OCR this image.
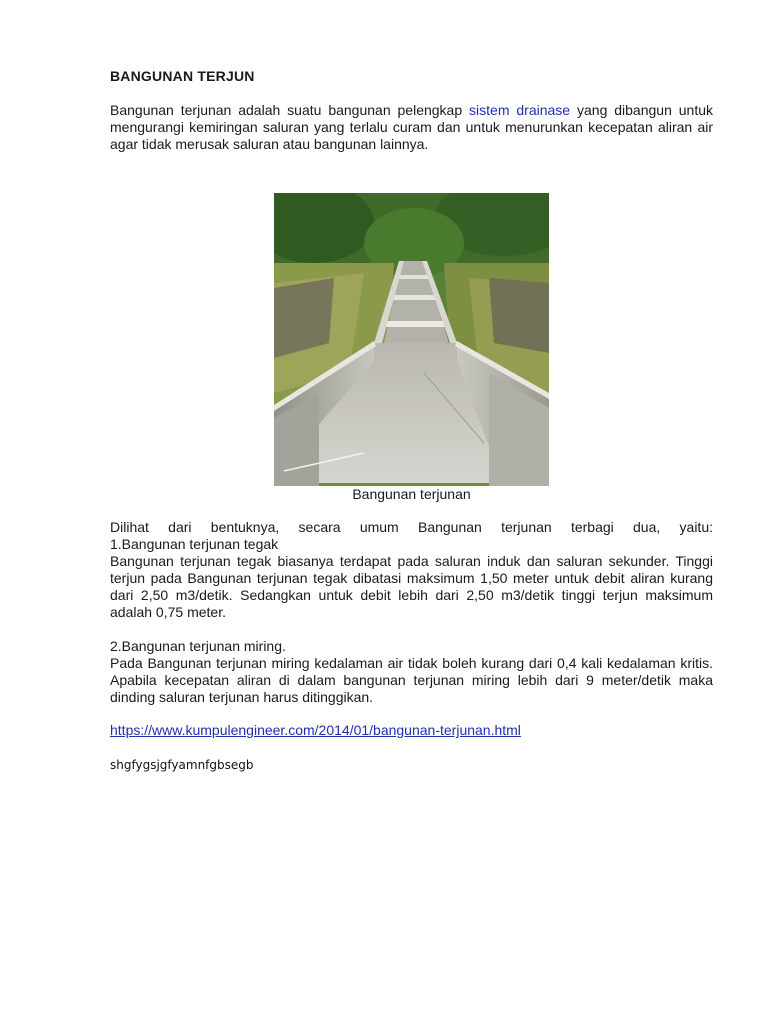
BANGUNAN TERJUN

Bangunan terjunan adalah suatu bangunan pelengkap sistem drainase yang dibangun untuk mengurangi kemiringan saluran yang terlalu curam dan untuk menurunkan kecepatan aliran air agar tidak merusak saluran atau bangunan lainnya.

Bangunan terjunan

Dilihat dari bentuknya, secara umum Bangunan terjunan terbagi dua, yaitu:

1.Bangunan terjunan tegak

Bangunan terjunan tegak biasanya terdapat pada saluran induk dan saluran sekunder. Tinggi terjun pada Bangunan terjunan tegak dibatasi maksimum 1,50 meter untuk debit aliran kurang dari 2,50 m3/detik. Sedangkan untuk debit lebih dari 2,50 m3/detik tinggi terjun maksimum adalah 0,75 meter.

2.Bangunan terjunan miring.

Pada Bangunan terjunan miring kedalaman air tidak boleh kurang dari 0,4 kali kedalaman kritis. Apabila kecepatan aliran di dalam bangunan terjunan miring lebih dari 9 meter/detik maka dinding saluran terjunan harus ditinggikan.

https://www.kumpulengineer.com/2014/01/bangunan-terjunan.html
shgfygsjgfyamnfgbsegb
